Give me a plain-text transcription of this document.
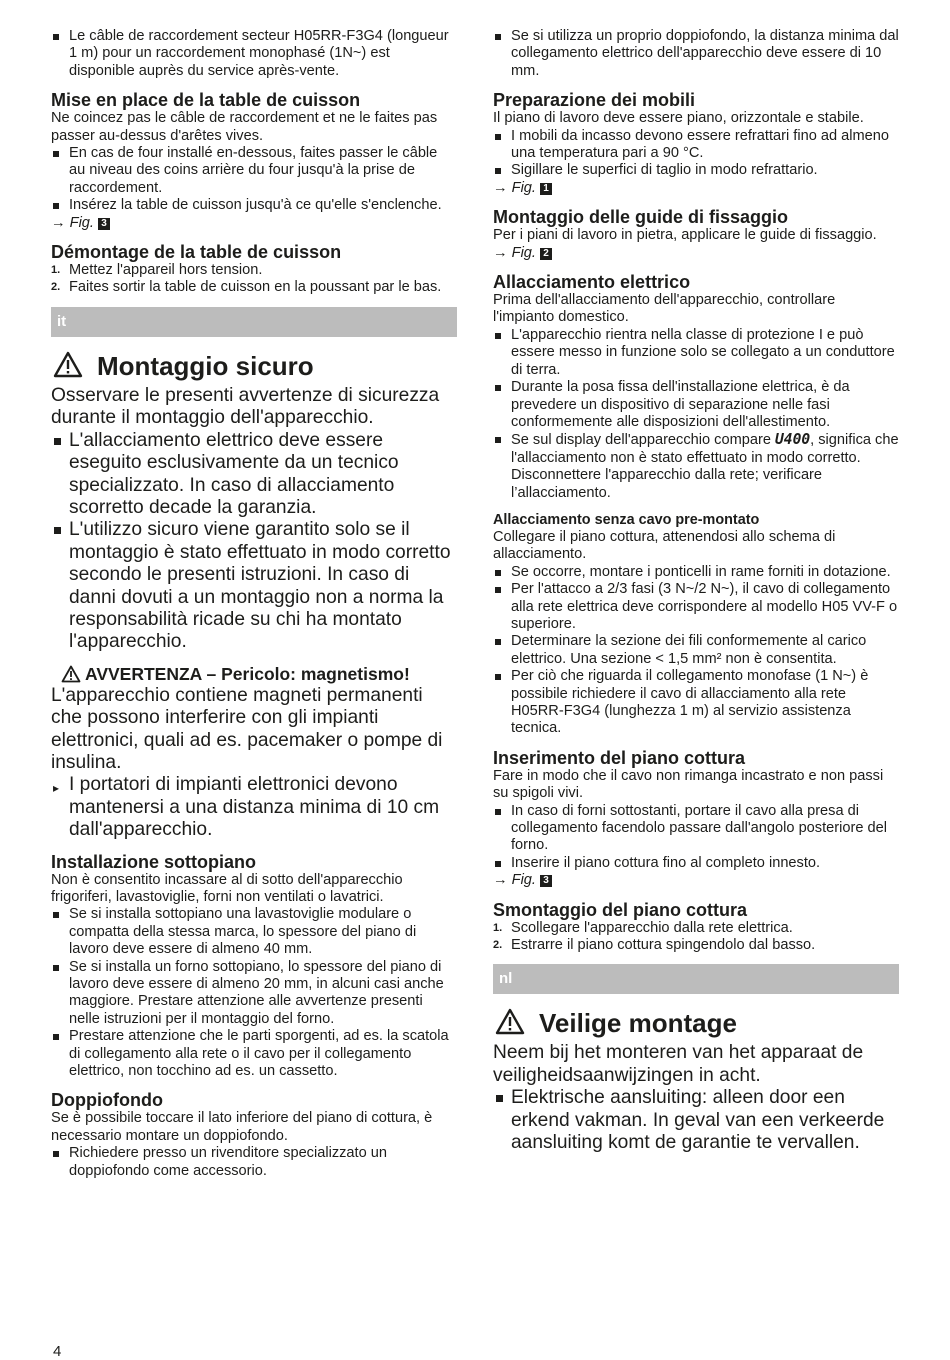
Le câble de raccordement secteur H05RR-F3G4 (longueur 1 m) pour un raccordement monophasé (1N~) est disponible auprès du service après-vente.
Mise en place de la table de cuisson

Ne coincez pas le câble de raccordement et ne le faites pas passer au-dessus d'arêtes vives.

En cas de four installé en-dessous, faites passer le câble au niveau des coins arrière du four jusqu'à la prise de raccordement.
Insérez la table de cuisson jusqu'à ce qu'elle s'enclenche.

→ Fig. 3

Démontage de la table de cuisson
1. Mettez l'appareil hors tension.
2. Faites sortir la table de cuisson en la poussant par le bas.
it
Montaggio sicuro

Osservare le presenti avvertenze di sicurezza durante il montaggio dell'apparecchio.

L'allacciamento elettrico deve essere eseguito esclusivamente da un tecnico specializzato. In caso di allacciamento scorretto decade la garanzia.
L'utilizzo sicuro viene garantito solo se il montaggio è stato effettuato in modo corretto secondo le presenti istruzioni. In caso di danni dovuti a un montaggio non a norma la responsabilità ricade su chi ha montato l'apparecchio.
AVVERTENZA – Pericolo: magnetismo!

L'apparecchio contiene magneti permanenti che possono interferire con gli impianti elettronici, quali ad es. pacemaker o pompe di insulina.

▸ I portatori di impianti elettronici devono mantenersi a una distanza minima di 10 cm dall'apparecchio.
Installazione sottopiano

Non è consentito incassare al di sotto dell'apparecchio frigoriferi, lavastoviglie, forni non ventilati o lavatrici.

Se si installa sottopiano una lavastoviglie modulare o compatta della stessa marca, lo spessore del piano di lavoro deve essere di almeno 40 mm.
Se si installa un forno sottopiano, lo spessore del piano di lavoro deve essere di almeno 20 mm, in alcuni casi anche maggiore. Prestare attenzione alle avvertenze presenti nelle istruzioni per il montaggio del forno.
Prestare attenzione che le parti sporgenti, ad es. la scatola di collegamento alla rete o il cavo per il collegamento elettrico, non tocchino ad es. un cassetto.
Doppiofondo

Se è possibile toccare il lato inferiore del piano di cottura, è necessario montare un doppiofondo.

Richiedere presso un rivenditore specializzato un doppiofondo come accessorio.
Se si utilizza un proprio doppiofondo, la distanza minima dal collegamento elettrico dell'apparecchio deve essere di 10 mm.
Preparazione dei mobili

Il piano di lavoro deve essere piano, orizzontale e stabile.

I mobili da incasso devono essere refrattari fino ad almeno una temperatura pari a 90 °C.
Sigillare le superfici di taglio in modo refrattario.

→ Fig. 1

Montaggio delle guide di fissaggio

Per i piani di lavoro in pietra, applicare le guide di fissaggio.

→ Fig. 2

Allacciamento elettrico

Prima dell'allacciamento dell'apparecchio, controllare l'impianto domestico.

L'apparecchio rientra nella classe di protezione I e può essere messo in funzione solo se collegato a un conduttore di terra.
Durante la posa fissa dell'installazione elettrica, è da prevedere un dispositivo di separazione nelle fasi conformemente alle disposizioni dell'allestimento.
Se sul display dell'apparecchio compare U400, significa che l'allacciamento non è stato effettuato in modo corretto. Disconnettere l'apparecchio dalla rete; verificare l’allacciamento.
Allacciamento senza cavo pre-montato

Collegare il piano cottura, attenendosi allo schema di allacciamento.

Se occorre, montare i ponticelli in rame forniti in dotazione.
Per l'attacco a 2/3 fasi (3 N~/2 N~), il cavo di collegamento alla rete elettrica deve corrispondere al modello H05 VV-F o superiore.
Determinare la sezione dei fili conformemente al carico elettrico. Una sezione < 1,5 mm² non è consentita.
Per ciò che riguarda il collegamento monofase (1 N~) è possibile richiedere il cavo di allacciamento alla rete H05RR-F3G4 (lunghezza 1 m) al servizio assistenza tecnica.
Inserimento del piano cottura

Fare in modo che il cavo non rimanga incastrato e non passi su spigoli vivi.

In caso di forni sottostanti, portare il cavo alla presa di collegamento facendolo passare dall'angolo posteriore del forno.
Inserire il piano cottura fino al completo innesto.

→ Fig. 3

Smontaggio del piano cottura
1. Scollegare l'apparecchio dalla rete elettrica.
2. Estrarre il piano cottura spingendolo dal basso.
nl
Veilige montage

Neem bij het monteren van het apparaat de veiligheidsaanwijzingen in acht.

Elektrische aansluiting: alleen door een erkend vakman. In geval van een verkeerde aansluiting komt de garantie te vervallen.
4
